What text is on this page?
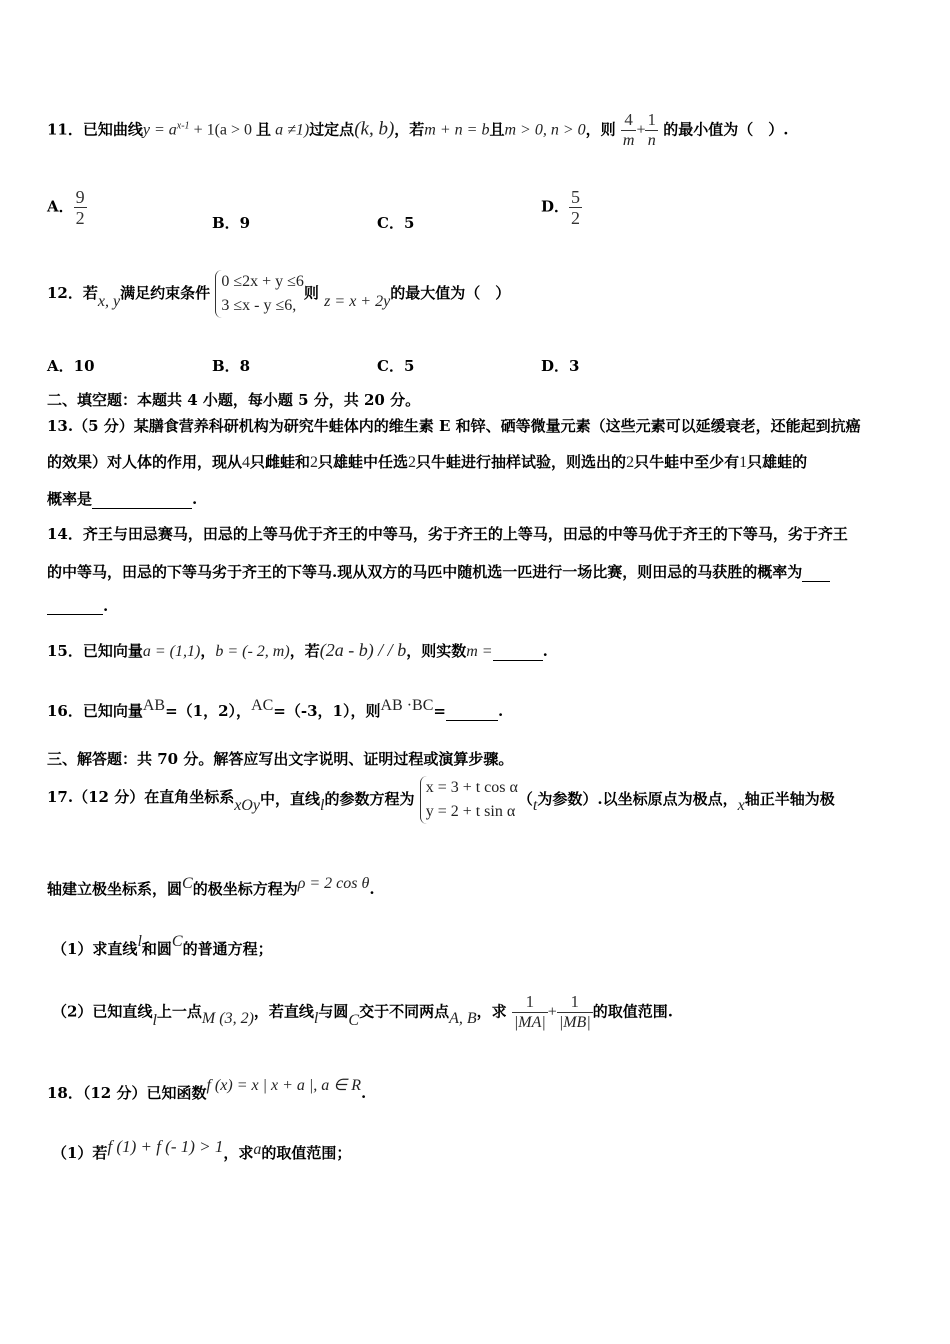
11．已知曲线$y = a^{x-1} + 1(a > 0$ 且 a ≠1)过定点(k, b)，若m + n = b且m > 0, n > 0，则 $\frac{4}{m} + \frac{1}{n}$ 的最小值为（　）.
A． $\frac{9}{2}$	B．9	C．5
D． $\frac{5}{2}$
12．若x, y满足约束条件
0 ≤2x + y ≤6
3 ≤x - y ≤6,
则 z = x + 2y的最大值为（　）
A．10	B．8	C．5	D．3
二、填空题：本题共 4 小题，每小题 5 分，共 20 分。
13.（5 分）某膳食营养科研机构为研究牛蛙体内的维生素 E 和锌、硒等微量元素（这些元素可以延缓衰老，还能起到抗癌
的效果）对人体的作用，现从4只雌蛙和2只雄蛙中任选2只牛蛙进行抽样试验，则选出的2只牛蛙中至少有1只雄蛙的
概率是	.
14．齐王与田忌赛马，田忌的上等马优于齐王的中等马，劣于齐王的上等马，田忌的中等马优于齐王的下等马，劣于齐王
的中等马，田忌的下等马劣于齐王的下等马.现从双方的马匹中随机选一匹进行一场比赛，则田忌的马获胜的概率为
.
15．已知向量a = (1,1)，b = (- 2, m)，若(2a - b) / / b，则实数m =	.
16．已知向量AB=（1，2），AC=（-3，1），则AB ·BC=	.
三、解答题：共 70 分。解答应写出文字说明、证明过程或演算步骤。
17.（12 分）在直角坐标系xOy中，直线l的参数方程为
x = 3 + t cos α
y = 2 + t sin α
（t为参数）.以坐标原点为极点，x轴正半轴为极
轴建立极坐标系，圆C的极坐标方程为ρ = 2 cos θ.
（1）求直线l和圆C的普通方程；
（2）已知直线l上一点M (3, 2)，若直线l与圆C交于不同两点A, B，求 $\frac{1}{|MA|} + \frac{1}{|MB|}$ 的取值范围.
18．（12 分）已知函数f (x) = x | x + a |, a ∈ R.
（1）若f (1) + f (- 1) > 1，求a的取值范围；
